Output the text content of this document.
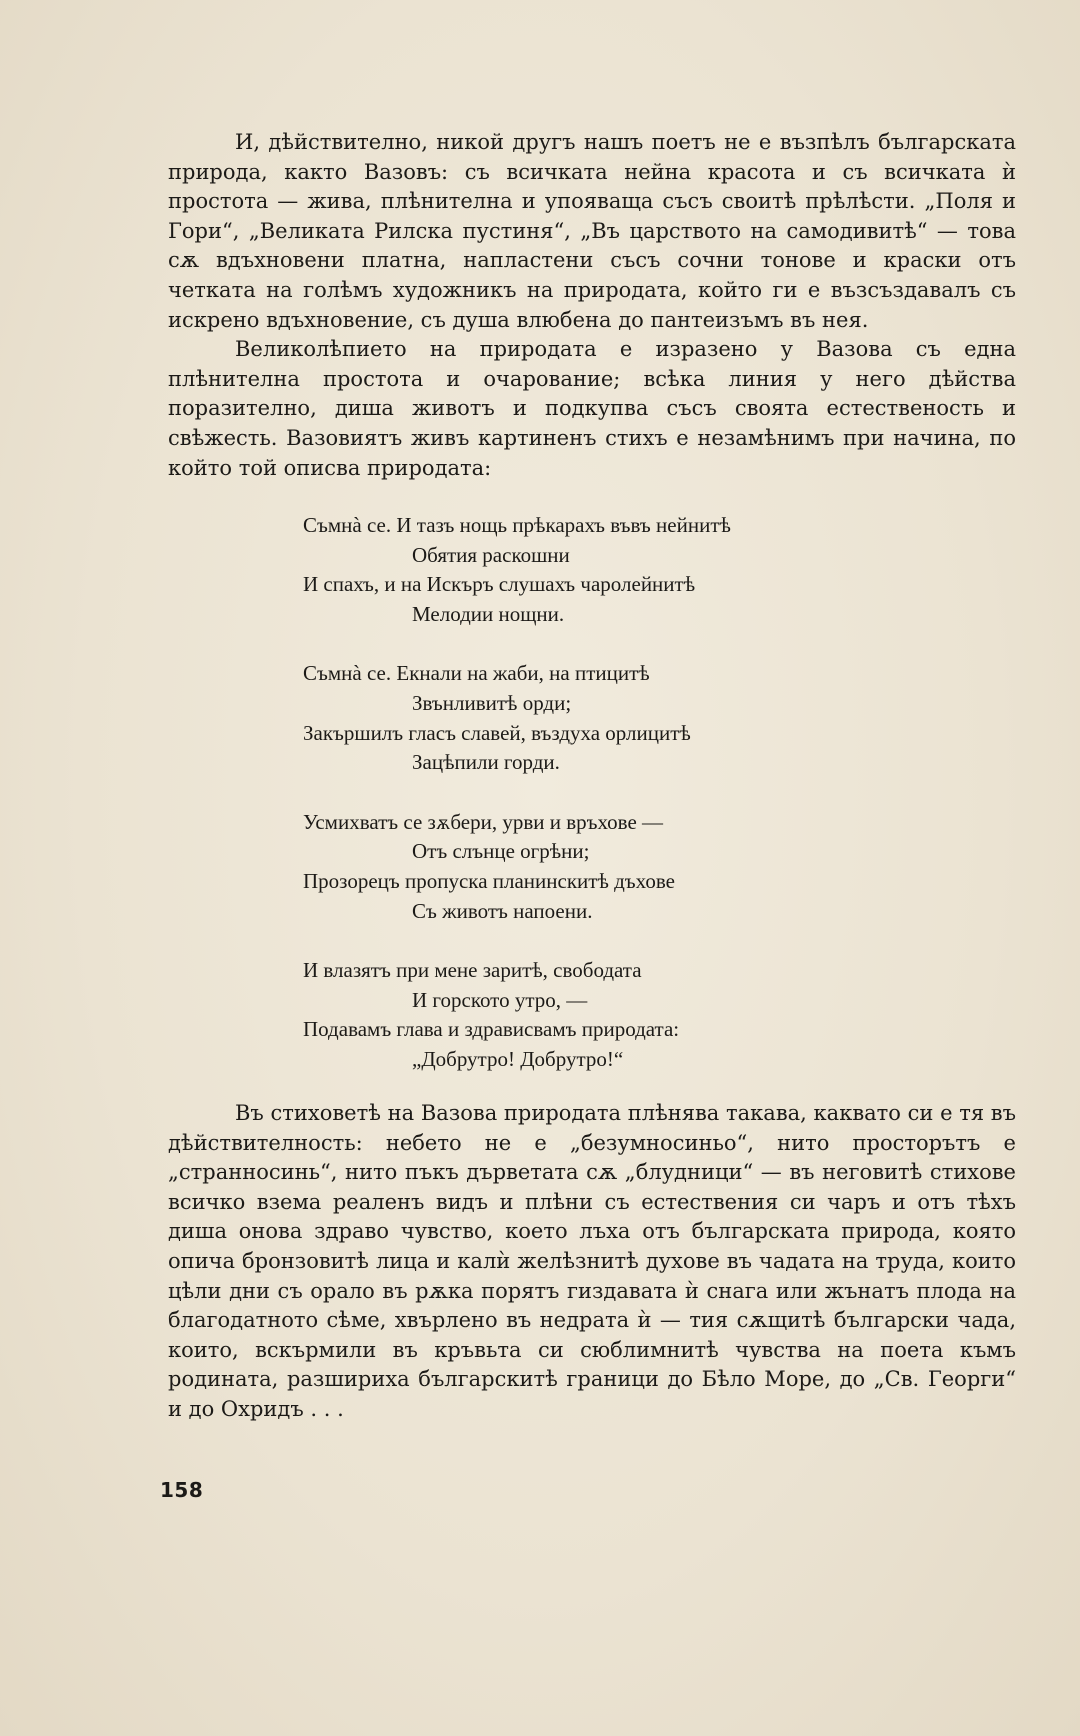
И, дѣйствително, никой другъ нашъ поетъ не е възпѣлъ българската природа, както Вазовъ: съ всичката нейна красота и съ всичката ѝ простота — жива, плѣнителна и упояваща съсъ своитѣ прѣлѣсти. „Поля и Гори“, „Великата Рилска пустиня“, „Въ царството на самодивитѣ“ — това сѫ вдъхновени платна, напластени съсъ сочни тонове и краски отъ четката на голѣмъ художникъ на природата, който ги е възсъздавалъ съ искрено вдъхновение, съ душа влюбена до пантеизъмъ въ нея.

Великолѣпието на природата е изразено у Вазова съ една плѣнителна простота и очарование; всѣка линия у него дѣйства поразително, диша животъ и подкупва съсъ своята естественость и свѣжесть. Вазовиятъ живъ картиненъ стихъ е незамѣнимъ при начина, по който той описва природата:

Съмнà се. И тазъ нощь прѣкарахъ въвъ нейнитѣ
Обятия раскошни
И спахъ, и на Искъръ слушахъ чаролейнитѣ
Мелодии нощни.
Съмнà се. Екнали на жаби, на птицитѣ
Звънливитѣ орди;
Закършилъ гласъ славей, въздуха орлицитѣ
Зацѣпили горди.
Усмихватъ се зѫбери, урви и връхове —
Отъ слънце огрѣни;
Прозорецъ пропуска планинскитѣ дъхове
Съ животъ напоени.
И влазятъ при мене заритѣ, свободата
И горското утро, —
Подавамъ глава и здрависвамъ природата:
„Добрутро! Добрутро!“

Въ стиховетѣ на Вазова природата плѣнява такава, каквато си е тя въ дѣйствителность: небето не е „безумносиньо“, нито просторътъ е „странносинь“, нито пъкъ дърветата сѫ „блудници“ — въ неговитѣ стихове всичко взема реаленъ видъ и плѣни съ естествения си чаръ и отъ тѣхъ диша онова здраво чувство, което лъха отъ българската природа, която опича бронзовитѣ лица и калѝ желѣзнитѣ духове въ чадата на труда, които цѣли дни съ орало въ рѫка порятъ гиздавата ѝ снага или жънатъ плода на благодатното сѣме, хвърлено въ недрата ѝ — тия сѫщитѣ български чада, които, вскърмили въ кръвьта си сюблимнитѣ чувства на поета къмъ родината, разшириха българскитѣ граници до Бѣло Море, до „Св. Георги“ и до Охридъ . . .

158
